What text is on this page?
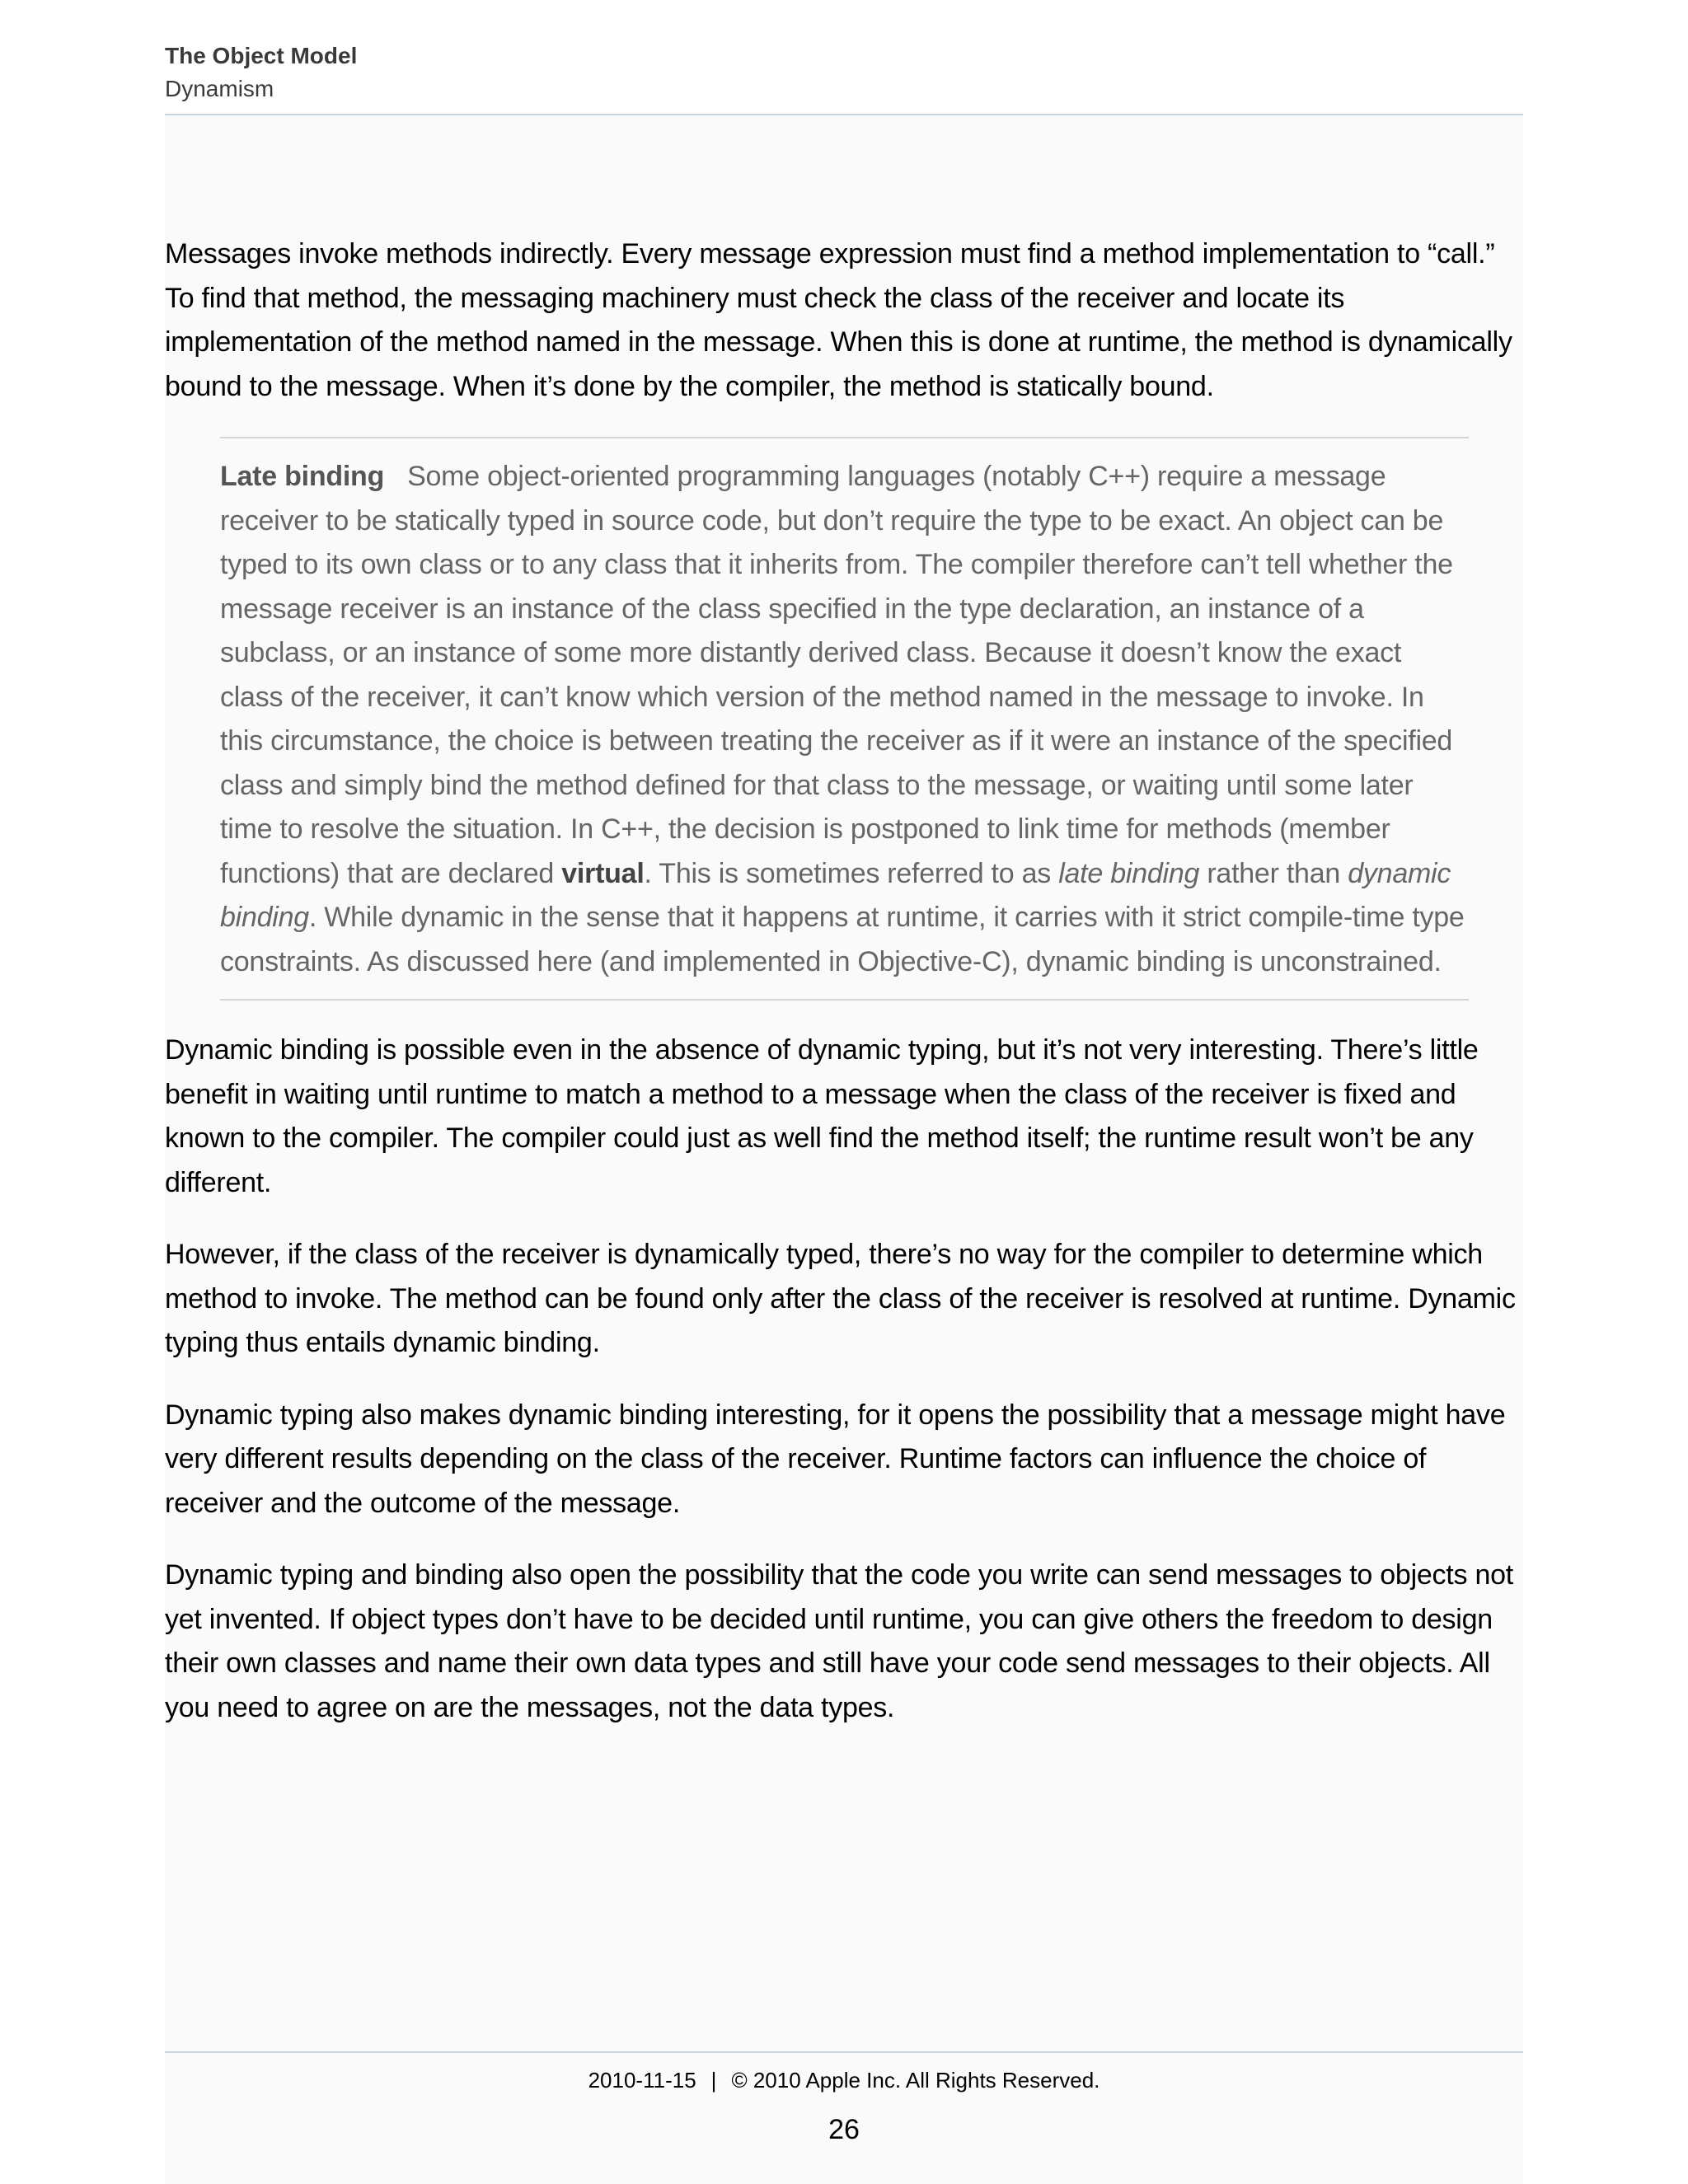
The Object Model
Dynamism

Messages invoke methods indirectly. Every message expression must find a method implementation to “call.” To find that method, the messaging machinery must check the class of the receiver and locate its implementation of the method named in the message. When this is done at runtime, the method is dynamically bound to the message. When it’s done by the compiler, the method is statically bound.

Late binding Some object-oriented programming languages (notably C++) require a message receiver to be statically typed in source code, but don’t require the type to be exact. An object can be typed to its own class or to any class that it inherits from. The compiler therefore can’t tell whether the message receiver is an instance of the class specified in the type declaration, an instance of a subclass, or an instance of some more distantly derived class. Because it doesn’t know the exact class of the receiver, it can’t know which version of the method named in the message to invoke. In this circumstance, the choice is between treating the receiver as if it were an instance of the specified class and simply bind the method defined for that class to the message, or waiting until some later time to resolve the situation. In C++, the decision is postponed to link time for methods (member functions) that are declared virtual. This is sometimes referred to as late binding rather than dynamic binding. While dynamic in the sense that it happens at runtime, it carries with it strict compile-time type constraints. As discussed here (and implemented in Objective-C), dynamic binding is unconstrained.

Dynamic binding is possible even in the absence of dynamic typing, but it’s not very interesting. There’s little benefit in waiting until runtime to match a method to a message when the class of the receiver is fixed and known to the compiler. The compiler could just as well find the method itself; the runtime result won’t be any different.

However, if the class of the receiver is dynamically typed, there’s no way for the compiler to determine which method to invoke. The method can be found only after the class of the receiver is resolved at runtime. Dynamic typing thus entails dynamic binding.

Dynamic typing also makes dynamic binding interesting, for it opens the possibility that a message might have very different results depending on the class of the receiver. Runtime factors can influence the choice of receiver and the outcome of the message.

Dynamic typing and binding also open the possibility that the code you write can send messages to objects not yet invented. If object types don’t have to be decided until runtime, you can give others the freedom to design their own classes and name their own data types and still have your code send messages to their objects. All you need to agree on are the messages, not the data types.

2010-11-15 | © 2010 Apple Inc. All Rights Reserved.
26
